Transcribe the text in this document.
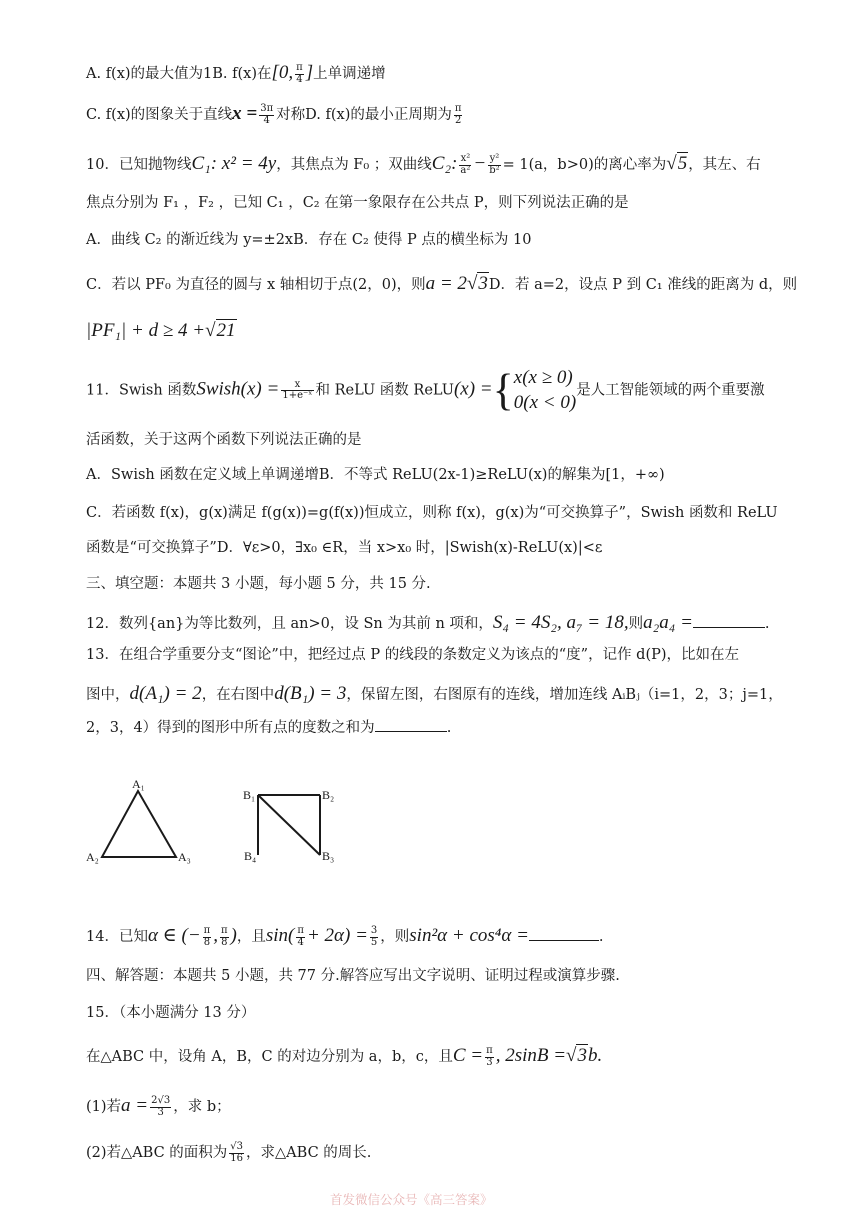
A. f(x)的最大值为1B. f(x)在[0, $\frac{\pi}{4}$ ]上单调递增
C. f(x)的图象关于直线$x = \frac{3\pi}{4}$ 对称D. f(x)的最小正周期为 $\frac{\pi}{2}$
10．已知抛物线C₁: x² = 4y，其焦点为 F₀ ；双曲线C₂: $\frac{\text{x²}}{\text{a²}} - \frac{\text{y²}}{\text{b²}} = 1(a$，b>0)的离心率为√5，其左、右
焦点分别为 F₁ ，F₂ ，已知 C₁ ，C₂ 在第一象限存在公共点 P，则下列说法正确的是
A．曲线 C₂ 的渐近线为 y=±2xB．存在 C₂ 使得 P 点的横坐标为 10
C．若以 PF₀ 为直径的圆与 x 轴相切于点(2，0)，则a = 2√3D．若 a=2，设点 P 到 C₁ 准线的距离为 d，则
|PF₁| + d ≥ 4 +√21
11．Swish 函数Swish(x) = $\frac{x}{\text{1+e⁻ˣ}}$ 和 ReLU 函数 ReLU(x) ={ x(x ≥ 0)
0(x < 0)
是人工智能领域的两个重要激
活函数，关于这两个函数下列说法正确的是
A．Swish 函数在定义域上单调递增B．不等式 ReLU(2x-1)≥ReLU(x)的解集为[1，+∞)
C．若函数 f(x)，g(x)满足 f(g(x))=g(f(x))恒成立，则称 f(x)，g(x)为“可交换算子”，Swish 函数和 ReLU
函数是“可交换算子”D．∀ε>0，∃x₀ ∈R，当 x>x₀ 时，|Swish(x)-ReLU(x)|<ε
三、填空题：本题共 3 小题，每小题 5 分，共 15 分.
12．数列{an}为等比数列，且 an>0，设 Sn 为其前 n 项和，S₄ = 4S₂, a₇ = 18,则a₂a₄ =	.
13．在组合学重要分支“图论”中，把经过点 P 的线段的条数定义为该点的“度”，记作 d(P)，比如在左
图中，d(A₁) = 2，在右图中d(B₁) = 3，保留左图，右图原有的连线，增加连线 AᵢBⱼ（i=1，2，3；j=1，
2，3，4）得到的图形中所有点的度数之和为	.
A₁
A₂	A₃
B₁	B₂
B₃
B₄
14．已知α ∈ (− $\frac{\pi}{8}$ , $\frac{\pi}{8}$ )，且$\sin( \frac{\pi}{4} + 2\alpha) = \frac{3}{5}$ ，则sin²α + cos⁴α =	.
四、解答题：本题共 5 小题，共 77 分.解答应写出文字说明、证明过程或演算步骤.
15．（本小题满分 13 分）
在△ABC 中，设角 A，B，C 的对边分别为 a，b，c，且$C = \frac{\pi}{3}$ , 2sinB =√3b.
(1)若$a = \frac{2√3}{3}$ ，求 b；
(2)若△ABC 的面积为 $\frac{√3}{16}$ ，求△ABC 的周长.
首发微信公众号《高三答案》
